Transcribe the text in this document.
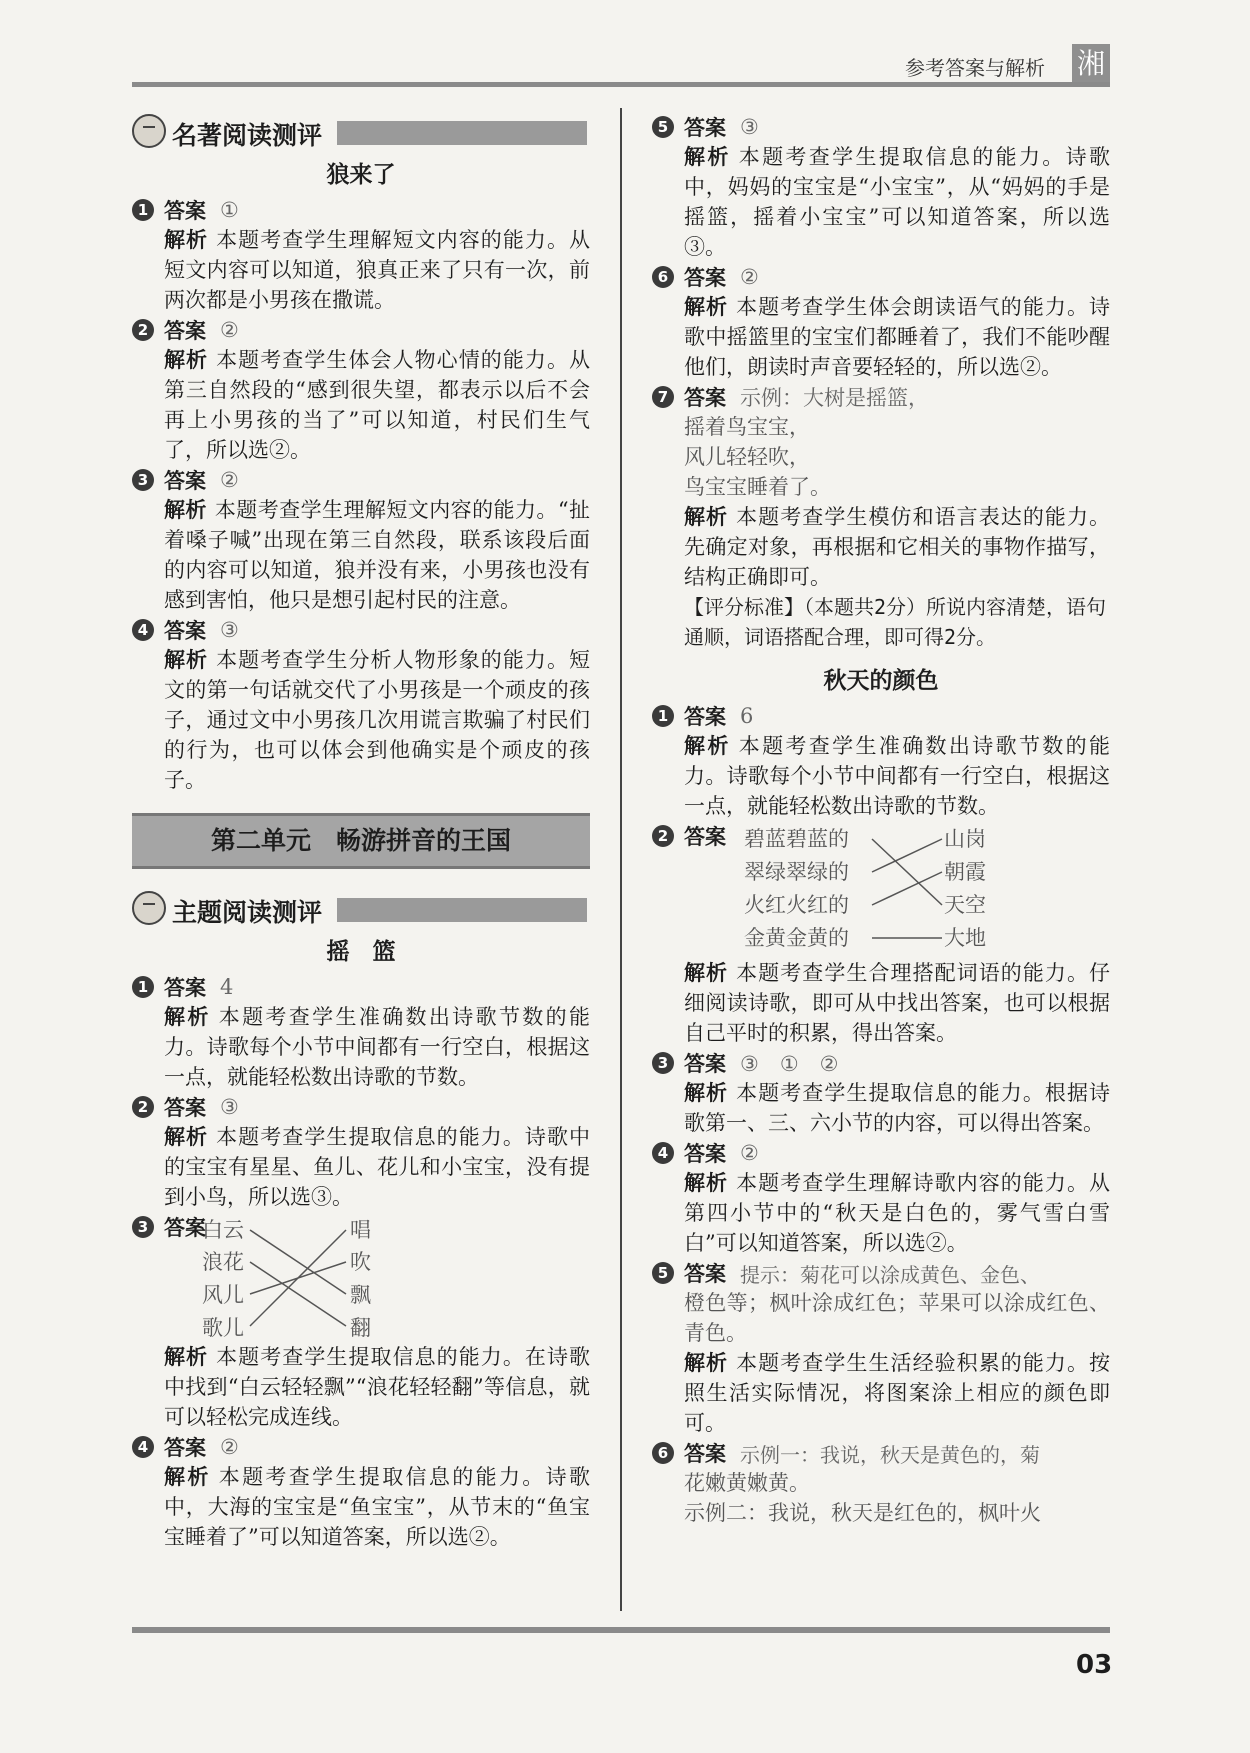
参考答案与解析 湘
名著阅读测评
狼来了
1 答案 ①
解析 本题考查学生理解短文内容的能力。从短文内容可以知道，狼真正来了只有一次，前两次都是小男孩在撒谎。
2 答案 ②
解析 本题考查学生体会人物心情的能力。从第三自然段的“感到很失望，都表示以后不会再上小男孩的当了”可以知道，村民们生气了，所以选②。
3 答案 ②
解析 本题考查学生理解短文内容的能力。“扯着嗓子喊”出现在第三自然段，联系该段后面的内容可以知道，狼并没有来，小男孩也没有感到害怕，他只是想引起村民的注意。
4 答案 ③
解析 本题考查学生分析人物形象的能力。短文的第一句话就交代了小男孩是一个顽皮的孩子，通过文中小男孩几次用谎言欺骗了村民们的行为，也可以体会到他确实是个顽皮的孩子。
第二单元　畅游拼音的王国
主题阅读测评
摇　篮
1 答案 4
解析 本题考查学生准确数出诗歌节数的能力。诗歌每个小节中间都有一行空白，根据这一点，就能轻松数出诗歌的节数。
2 答案 ③
解析 本题考查学生提取信息的能力。诗歌中的宝宝有星星、鱼儿、花儿和小宝宝，没有提到小鸟，所以选③。
3 答案
白云
浪花
风儿
歌儿
唱
吹
飘
翻
解析 本题考查学生提取信息的能力。在诗歌中找到“白云轻轻飘”“浪花轻轻翻”等信息，就可以轻松完成连线。
4 答案 ②
解析 本题考查学生提取信息的能力。诗歌中，大海的宝宝是“鱼宝宝”，从节末的“鱼宝宝睡着了”可以知道答案，所以选②。
5 答案 ③
解析 本题考查学生提取信息的能力。诗歌中，妈妈的宝宝是“小宝宝”，从“妈妈的手是摇篮，摇着小宝宝”可以知道答案，所以选③。
6 答案 ②
解析 本题考查学生体会朗读语气的能力。诗歌中摇篮里的宝宝们都睡着了，我们不能吵醒他们，朗读时声音要轻轻的，所以选②。
7 答案 示例：大树是摇篮，
摇着鸟宝宝，
风儿轻轻吹，
鸟宝宝睡着了。
解析 本题考查学生模仿和语言表达的能力。先确定对象，再根据和它相关的事物作描写，结构正确即可。
【评分标准】（本题共2分）所说内容清楚，语句通顺，词语搭配合理，即可得2分。
秋天的颜色
1 答案 6
解析 本题考查学生准确数出诗歌节数的能力。诗歌每个小节中间都有一行空白，根据这一点，就能轻松数出诗歌的节数。
2 答案 碧蓝碧蓝的
翠绿翠绿的
火红火红的
金黄金黄的
山岗
朝霞
天空
大地
解析 本题考查学生合理搭配词语的能力。仔细阅读诗歌，即可从中找出答案，也可以根据自己平时的积累，得出答案。
3 答案 ③　①　②
解析 本题考查学生提取信息的能力。根据诗歌第一、三、六小节的内容，可以得出答案。
4 答案 ②
解析 本题考查学生理解诗歌内容的能力。从第四小节中的“秋天是白色的，雾气雪白雪白”可以知道答案，所以选②。
5 答案 提示：菊花可以涂成黄色、金色、
橙色等；枫叶涂成红色；苹果可以涂成红色、青色。
解析 本题考查学生生活经验积累的能力。按照生活实际情况，将图案涂上相应的颜色即可。
6 答案 示例一：我说，秋天是黄色的，菊
花嫩黄嫩黄。
示例二：我说，秋天是红色的，枫叶火
03
